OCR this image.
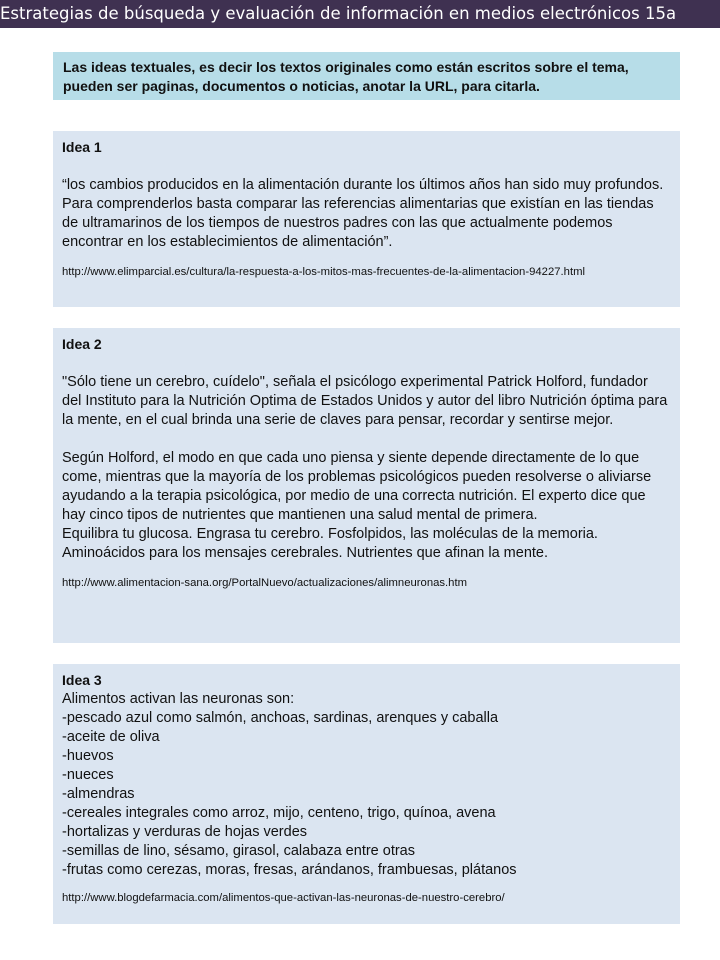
Estrategias de búsqueda y evaluación de información en medios electrónicos 15a
Las ideas textuales, es decir los textos originales como están escritos sobre el tema, pueden ser paginas, documentos o noticias, anotar la URL, para citarla.

Idea 1

“los cambios producidos en la alimentación durante los últimos años han sido muy profundos. Para comprenderlos basta comparar las referencias alimentarias que existían en las tiendas de ultramarinos de los tiempos de nuestros padres con las que actualmente podemos encontrar en los establecimientos de alimentación”.

http://www.elimparcial.es/cultura/la-respuesta-a-los-mitos-mas-frecuentes-de-la-alimentacion-94227.html

Idea 2

"Sólo tiene un cerebro, cuídelo", señala el psicólogo experimental Patrick Holford, fundador del Instituto para la Nutrición Optima de Estados Unidos y autor del libro Nutrición óptima para la mente, en el cual brinda una serie de claves para pensar, recordar y sentirse mejor.

Según Holford, el modo en que cada uno piensa y siente depende directamente de lo que come, mientras que la mayoría de los problemas psicológicos pueden resolverse o aliviarse ayudando a la terapia psicológica, por medio de una correcta nutrición. El experto dice que hay cinco tipos de nutrientes que mantienen una salud mental de primera.

Equilibra tu glucosa. Engrasa tu cerebro. Fosfolpidos, las moléculas de la memoria. Aminoácidos para los mensajes cerebrales. Nutrientes que afinan la mente.

http://www.alimentacion-sana.org/PortalNuevo/actualizaciones/alimneuronas.htm

Idea 3

Alimentos activan las neuronas son:
-pescado azul como salmón, anchoas, sardinas, arenques y caballa
-aceite de oliva
-huevos
-nueces
-almendras
-cereales integrales como arroz, mijo, centeno, trigo, quínoa, avena
-hortalizas y verduras de hojas verdes
-semillas de lino, sésamo, girasol, calabaza entre otras
-frutas como cerezas, moras, fresas, arándanos, frambuesas, plátanos

http://www.blogdefarmacia.com/alimentos-que-activan-las-neuronas-de-nuestro-cerebro/
